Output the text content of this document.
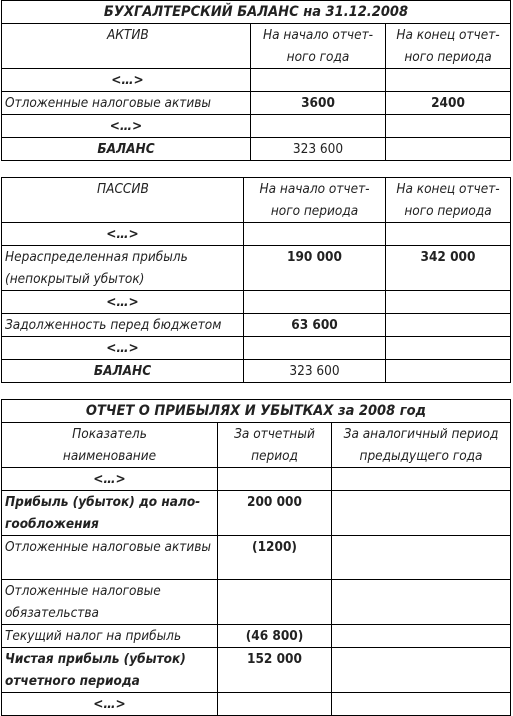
БУХГАЛТЕРСКИЙ БАЛАНС на 31.12.2008		
АКТИВ	На начало отчет-ного года	На конец отчет-ного периода
<…>		
Отложенные налоговые активы	3600	2400
<…>		
БАЛАНС	323 600	
ПАССИВ	На начало отчет-ного периода	На конец отчет-ного периода
<…>		
Нераспределенная прибыль (непокрытый убыток)	190 000	342 000
<…>		
Задолженность перед бюджетом	63 600	
<…>		
БАЛАНС	323 600	
ОТЧЕТ О ПРИБЫЛЯХ И УБЫТКАХ за 2008 год		
Показатель наименование	За отчетный период	За аналогичный период предыдущего года
<…>		
Прибыль (убыток) до нало-гообложения	200 000	
Отложенные налоговые активы	(1200)	
Отложенные налоговые обязательства		
Текущий налог на прибыль	(46 800)	
Чистая прибыль (убыток) отчетного периода	152 000	
<…>		
